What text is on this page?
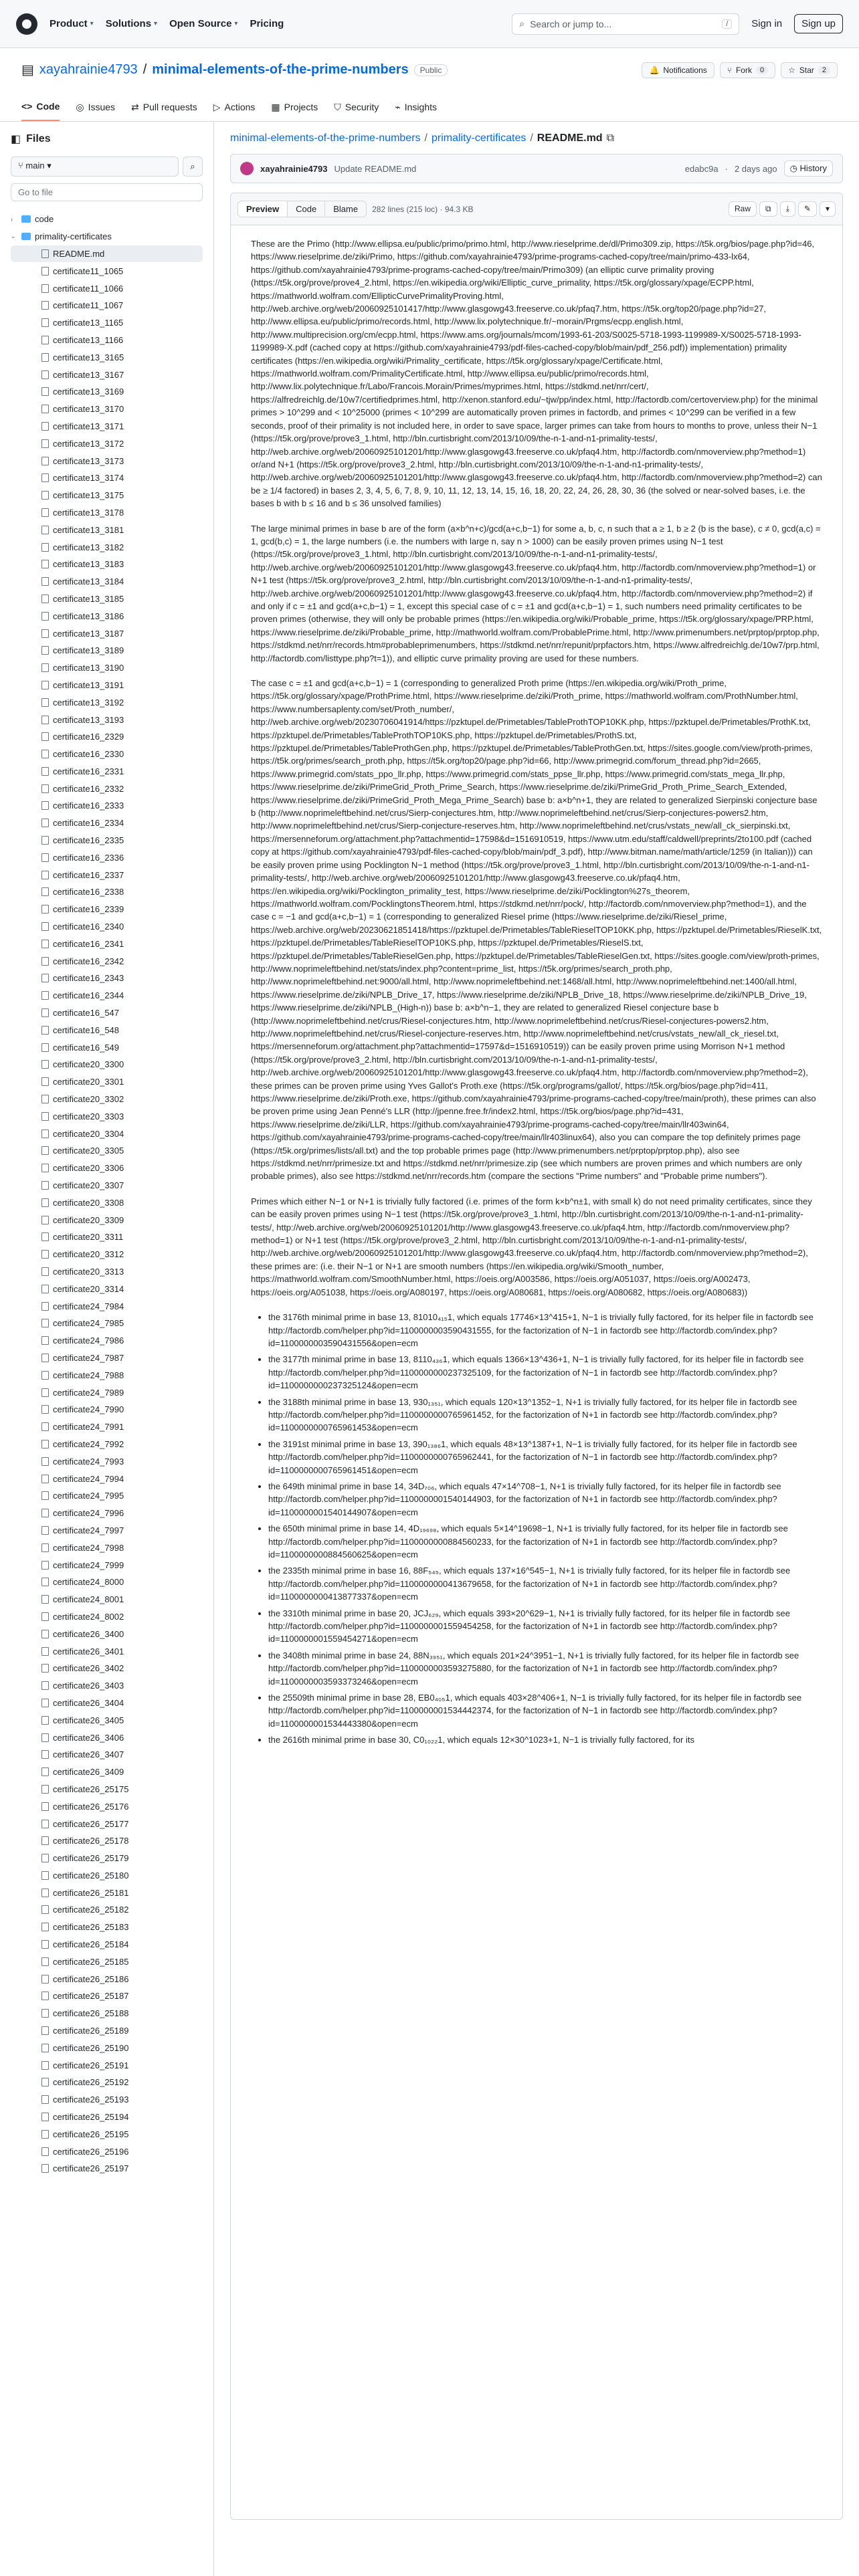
Product ▾ Solutions ▾ Open Source ▾ Pricing	⌕ Search or jump to...	/	Sign in	Sign up
▤ xayahrainie4793 / minimal-elements-of-the-prime-numbers	Public	🔔 Notifications	⑂ Fork	0	☆ Star	2
<> Code ◎ Issues ⇄ Pull requests ▷ Actions ▦ Projects ⛉ Security ⌁ Insights
◧ Files
⑂ main ▾	⌕
Go to file
›	code
⌄ primality-certificates
README.md
certificate11_1065
certificate11_1066
certificate11_1067
certificate13_1165
certificate13_1166
certificate13_3165
certificate13_3167
certificate13_3169
certificate13_3170
certificate13_3171
certificate13_3172
certificate13_3173
certificate13_3174
certificate13_3175
certificate13_3178
certificate13_3181
certificate13_3182
certificate13_3183
certificate13_3184
certificate13_3185
certificate13_3186
certificate13_3187
certificate13_3189
certificate13_3190
certificate13_3191
certificate13_3192
certificate13_3193
certificate16_2329
certificate16_2330
certificate16_2331
certificate16_2332
certificate16_2333
certificate16_2334
certificate16_2335
certificate16_2336
certificate16_2337
certificate16_2338
certificate16_2339
certificate16_2340
certificate16_2341
certificate16_2342
certificate16_2343
certificate16_2344
certificate16_547
certificate16_548
certificate16_549
certificate20_3300
certificate20_3301
certificate20_3302
certificate20_3303
certificate20_3304
certificate20_3305
certificate20_3306
certificate20_3307
certificate20_3308
certificate20_3309
certificate20_3311
certificate20_3312
certificate20_3313
certificate20_3314
certificate24_7984
certificate24_7985
certificate24_7986
certificate24_7987
certificate24_7988
certificate24_7989
certificate24_7990
certificate24_7991
certificate24_7992
certificate24_7993
certificate24_7994
certificate24_7995
certificate24_7996
certificate24_7997
certificate24_7998
certificate24_7999
certificate24_8000
certificate24_8001
certificate24_8002
certificate26_3400
certificate26_3401
certificate26_3402
certificate26_3403
certificate26_3404
certificate26_3405
certificate26_3406
certificate26_3407
certificate26_3409
certificate26_25175
certificate26_25176
certificate26_25177
certificate26_25178
certificate26_25179
certificate26_25180
certificate26_25181
certificate26_25182
certificate26_25183
certificate26_25184
certificate26_25185
certificate26_25186
certificate26_25187
certificate26_25188
certificate26_25189
certificate26_25190
certificate26_25191
certificate26_25192
certificate26_25193
certificate26_25194
certificate26_25195
certificate26_25196
certificate26_25197
minimal-elements-of-the-prime-numbers / primality-certificates / README.md ⧉
xayahrainie4793 Update README.md	edabc9a · 2 days ago	◷ History
Preview	Code	Blame	282 lines (215 loc) · 94.3 KB	Raw	⧉	⤓	✎	▾

These are the Primo (http://www.ellipsa.eu/public/primo/primo.html, http://www.rieselprime.de/dl/Primo309.zip, https://t5k.org/bios/page.php?id=46, https://www.rieselprime.de/ziki/Primo, https://github.com/xayahrainie4793/prime-programs-cached-copy/tree/main/primo-433-lx64, https://github.com/xayahrainie4793/prime-programs-cached-copy/tree/main/Primo309) (an elliptic curve primality proving (https://t5k.org/prove/prove4_2.html, https://en.wikipedia.org/wiki/Elliptic_curve_primality, https://t5k.org/glossary/xpage/ECPP.html, https://mathworld.wolfram.com/EllipticCurvePrimalityProving.html, http://web.archive.org/web/20060925101417/http://www.glasgowg43.freeserve.co.uk/pfaq7.htm, https://t5k.org/top20/page.php?id=27, http://www.ellipsa.eu/public/primo/records.html, http://www.lix.polytechnique.fr/~morain/Prgms/ecpp.english.html, http://www.multiprecision.org/cm/ecpp.html, https://www.ams.org/journals/mcom/1993-61-203/S0025-5718-1993-1199989-X/S0025-5718-1993-1199989-X.pdf (cached copy at https://github.com/xayahrainie4793/pdf-files-cached-copy/blob/main/pdf_256.pdf)) implementation) primality certificates (https://en.wikipedia.org/wiki/Primality_certificate, https://t5k.org/glossary/xpage/Certificate.html, https://mathworld.wolfram.com/PrimalityCertificate.html, http://www.ellipsa.eu/public/primo/records.html, http://www.lix.polytechnique.fr/Labo/Francois.Morain/Primes/myprimes.html, https://stdkmd.net/nrr/cert/, https://alfredreichlg.de/10w7/certifiedprimes.html, http://xenon.stanford.edu/~tjw/pp/index.html, http://factordb.com/certoverview.php) for the minimal primes > 10^299 and < 10^25000 (primes < 10^299 are automatically proven primes in factordb, and primes < 10^299 can be verified in a few seconds, proof of their primality is not included here, in order to save space, larger primes can take from hours to months to prove, unless their N−1 (https://t5k.org/prove/prove3_1.html, http://bln.curtisbright.com/2013/10/09/the-n-1-and-n1-primality-tests/, http://web.archive.org/web/20060925101201/http://www.glasgowg43.freeserve.co.uk/pfaq4.htm, http://factordb.com/nmoverview.php?method=1) or/and N+1 (https://t5k.org/prove/prove3_2.html, http://bln.curtisbright.com/2013/10/09/the-n-1-and-n1-primality-tests/, http://web.archive.org/web/20060925101201/http://www.glasgowg43.freeserve.co.uk/pfaq4.htm, http://factordb.com/nmoverview.php?method=2) can be ≥ 1/4 factored) in bases 2, 3, 4, 5, 6, 7, 8, 9, 10, 11, 12, 13, 14, 15, 16, 18, 20, 22, 24, 26, 28, 30, 36 (the solved or near-solved bases, i.e. the bases b with b ≤ 16 and b ≤ 36 unsolved families)

The large minimal primes in base b are of the form (a×b^n+c)/gcd(a+c,b−1) for some a, b, c, n such that a ≥ 1, b ≥ 2 (b is the base), c ≠ 0, gcd(a,c) = 1, gcd(b,c) = 1, the large numbers (i.e. the numbers with large n, say n > 1000) can be easily proven primes using N−1 test (https://t5k.org/prove/prove3_1.html, http://bln.curtisbright.com/2013/10/09/the-n-1-and-n1-primality-tests/, http://web.archive.org/web/20060925101201/http://www.glasgowg43.freeserve.co.uk/pfaq4.htm, http://factordb.com/nmoverview.php?method=1) or N+1 test (https://t5k.org/prove/prove3_2.html, http://bln.curtisbright.com/2013/10/09/the-n-1-and-n1-primality-tests/, http://web.archive.org/web/20060925101201/http://www.glasgowg43.freeserve.co.uk/pfaq4.htm, http://factordb.com/nmoverview.php?method=2) if and only if c = ±1 and gcd(a+c,b−1) = 1, except this special case of c = ±1 and gcd(a+c,b−1) = 1, such numbers need primality certificates to be proven primes (otherwise, they will only be probable primes (https://en.wikipedia.org/wiki/Probable_prime, https://t5k.org/glossary/xpage/PRP.html, https://www.rieselprime.de/ziki/Probable_prime, http://mathworld.wolfram.com/ProbablePrime.html, http://www.primenumbers.net/prptop/prptop.php, https://stdkmd.net/nrr/records.htm#probableprimenumbers, https://stdkmd.net/nrr/repunit/prpfactors.htm, https://www.alfredreichlg.de/10w7/prp.html, http://factordb.com/listtype.php?t=1)), and elliptic curve primality proving are used for these numbers.

The case c = ±1 and gcd(a+c,b−1) = 1 (corresponding to generalized Proth prime (https://en.wikipedia.org/wiki/Proth_prime, https://t5k.org/glossary/xpage/ProthPrime.html, https://www.rieselprime.de/ziki/Proth_prime, https://mathworld.wolfram.com/ProthNumber.html, https://www.numbersaplenty.com/set/Proth_number/, http://web.archive.org/web/20230706041914/https://pzktupel.de/Primetables/TableProthTOP10KK.php, https://pzktupel.de/Primetables/ProthK.txt, https://pzktupel.de/Primetables/TableProthTOP10KS.php, https://pzktupel.de/Primetables/ProthS.txt, https://pzktupel.de/Primetables/TableProthGen.php, https://pzktupel.de/Primetables/TableProthGen.txt, https://sites.google.com/view/proth-primes, https://t5k.org/primes/search_proth.php, https://t5k.org/top20/page.php?id=66, http://www.primegrid.com/forum_thread.php?id=2665, https://www.primegrid.com/stats_ppo_llr.php, https://www.primegrid.com/stats_ppse_llr.php, https://www.primegrid.com/stats_mega_llr.php, https://www.rieselprime.de/ziki/PrimeGrid_Proth_Prime_Search, https://www.rieselprime.de/ziki/PrimeGrid_Proth_Prime_Search_Extended, https://www.rieselprime.de/ziki/PrimeGrid_Proth_Mega_Prime_Search) base b: a×b^n+1, they are related to generalized Sierpinski conjecture base b (http://www.noprimeleftbehind.net/crus/Sierp-conjectures.htm, http://www.noprimeleftbehind.net/crus/Sierp-conjectures-powers2.htm, http://www.noprimeleftbehind.net/crus/Sierp-conjecture-reserves.htm, http://www.noprimeleftbehind.net/crus/vstats_new/all_ck_sierpinski.txt, https://mersenneforum.org/attachment.php?attachmentid=17598&d=1516910519, https://www.utm.edu/staff/caldwell/preprints/2to100.pdf (cached copy at https://github.com/xayahrainie4793/pdf-files-cached-copy/blob/main/pdf_3.pdf), http://www.bitman.name/math/article/1259 (in Italian))) can be easily proven prime using Pocklington N−1 method (https://t5k.org/prove/prove3_1.html, http://bln.curtisbright.com/2013/10/09/the-n-1-and-n1-primality-tests/, http://web.archive.org/web/20060925101201/http://www.glasgowg43.freeserve.co.uk/pfaq4.htm, https://en.wikipedia.org/wiki/Pocklington_primality_test, https://www.rieselprime.de/ziki/Pocklington%27s_theorem, https://mathworld.wolfram.com/PocklingtonsTheorem.html, https://stdkmd.net/nrr/pock/, http://factordb.com/nmoverview.php?method=1), and the case c = −1 and gcd(a+c,b−1) = 1 (corresponding to generalized Riesel prime (https://www.rieselprime.de/ziki/Riesel_prime, https://web.archive.org/web/20230621851418/https://pzktupel.de/Primetables/TableRieselTOP10KK.php, https://pzktupel.de/Primetables/RieselK.txt, https://pzktupel.de/Primetables/TableRieselTOP10KS.php, https://pzktupel.de/Primetables/RieselS.txt, https://pzktupel.de/Primetables/TableRieselGen.php, https://pzktupel.de/Primetables/TableRieselGen.txt, https://sites.google.com/view/proth-primes, http://www.noprimeleftbehind.net/stats/index.php?content=prime_list, https://t5k.org/primes/search_proth.php, http://www.noprimeleftbehind.net:9000/all.html, http://www.noprimeleftbehind.net:1468/all.html, http://www.noprimeleftbehind.net:1400/all.html, https://www.rieselprime.de/ziki/NPLB_Drive_17, https://www.rieselprime.de/ziki/NPLB_Drive_18, https://www.rieselprime.de/ziki/NPLB_Drive_19, https://www.rieselprime.de/ziki/NPLB_(High-n)) base b: a×b^n−1, they are related to generalized Riesel conjecture base b (http://www.noprimeleftbehind.net/crus/Riesel-conjectures.htm, http://www.noprimeleftbehind.net/crus/Riesel-conjectures-powers2.htm, http://www.noprimeleftbehind.net/crus/Riesel-conjecture-reserves.htm, http://www.noprimeleftbehind.net/crus/vstats_new/all_ck_riesel.txt, https://mersenneforum.org/attachment.php?attachmentid=17597&d=1516910519)) can be easily proven prime using Morrison N+1 method (https://t5k.org/prove/prove3_2.html, http://bln.curtisbright.com/2013/10/09/the-n-1-and-n1-primality-tests/, http://web.archive.org/web/20060925101201/http://www.glasgowg43.freeserve.co.uk/pfaq4.htm, http://factordb.com/nmoverview.php?method=2), these primes can be proven prime using Yves Gallot's Proth.exe (https://t5k.org/programs/gallot/, https://t5k.org/bios/page.php?id=411, https://www.rieselprime.de/ziki/Proth.exe, https://github.com/xayahrainie4793/prime-programs-cached-copy/tree/main/proth), these primes can also be proven prime using Jean Penné's LLR (http://jpenne.free.fr/index2.html, https://t5k.org/bios/page.php?id=431, https://www.rieselprime.de/ziki/LLR, https://github.com/xayahrainie4793/prime-programs-cached-copy/tree/main/llr403win64, https://github.com/xayahrainie4793/prime-programs-cached-copy/tree/main/llr403linux64), also you can compare the top definitely primes page (https://t5k.org/primes/lists/all.txt) and the top probable primes page (http://www.primenumbers.net/prptop/prptop.php), also see https://stdkmd.net/nrr/primesize.txt and https://stdkmd.net/nrr/primesize.zip (see which numbers are proven primes and which numbers are only probable primes), also see https://stdkmd.net/nrr/records.htm (compare the sections "Prime numbers" and "Probable prime numbers").

Primes which either N−1 or N+1 is trivially fully factored (i.e. primes of the form k×b^n±1, with small k) do not need primality certificates, since they can be easily proven primes using N−1 test (https://t5k.org/prove/prove3_1.html, http://bln.curtisbright.com/2013/10/09/the-n-1-and-n1-primality-tests/, http://web.archive.org/web/20060925101201/http://www.glasgowg43.freeserve.co.uk/pfaq4.htm, http://factordb.com/nmoverview.php?method=1) or N+1 test (https://t5k.org/prove/prove3_2.html, http://bln.curtisbright.com/2013/10/09/the-n-1-and-n1-primality-tests/, http://web.archive.org/web/20060925101201/http://www.glasgowg43.freeserve.co.uk/pfaq4.htm, http://factordb.com/nmoverview.php?method=2), these primes are: (i.e. their N−1 or N+1 are smooth numbers (https://en.wikipedia.org/wiki/Smooth_number, https://mathworld.wolfram.com/SmoothNumber.html, https://oeis.org/A003586, https://oeis.org/A051037, https://oeis.org/A002473, https://oeis.org/A051038, https://oeis.org/A080197, https://oeis.org/A080681, https://oeis.org/A080682, https://oeis.org/A080683))

• the 3176th minimal prime in base 13, 81010₄₁₅1, which equals 17746×13^415+1, N−1 is trivially fully factored, for its helper file in factordb see http://factordb.com/helper.php?id=1100000003590431555, for the factorization of N−1 in factordb see http://factordb.com/index.php?id=1100000003590431556&open=ecm
• the 3177th minimal prime in base 13, 8110₄₃₆1, which equals 1366×13^436+1, N−1 is trivially fully factored, for its helper file in factordb see http://factordb.com/helper.php?id=1100000000237325109, for the factorization of N−1 in factordb see http://factordb.com/index.php?id=1100000000237325124&open=ecm
• the 3188th minimal prime in base 13, 930₁₃₅₁, which equals 120×13^1352−1, N+1 is trivially fully factored, for its helper file in factordb see http://factordb.com/helper.php?id=1100000000765961452, for the factorization of N+1 in factordb see http://factordb.com/index.php?id=1100000000765961453&open=ecm
• the 3191st minimal prime in base 13, 390₁₃₈₆1, which equals 48×13^1387+1, N−1 is trivially fully factored, for its helper file in factordb see http://factordb.com/helper.php?id=1100000000765962441, for the factorization of N−1 in factordb see http://factordb.com/index.php?id=1100000000765961451&open=ecm
• the 649th minimal prime in base 14, 34D₇₀₆, which equals 47×14^708−1, N+1 is trivially fully factored, for its helper file in factordb see http://factordb.com/helper.php?id=1100000001540144903, for the factorization of N+1 in factordb see http://factordb.com/index.php?id=1100000001540144907&open=ecm
• the 650th minimal prime in base 14, 4D₁₉₆₉₈, which equals 5×14^19698−1, N+1 is trivially fully factored, for its helper file in factordb see http://factordb.com/helper.php?id=1100000000884560233, for the factorization of N+1 in factordb see http://factordb.com/index.php?id=1100000000884560625&open=ecm
• the 2335th minimal prime in base 16, 88F₅₄₅, which equals 137×16^545−1, N+1 is trivially fully factored, for its helper file in factordb see http://factordb.com/helper.php?id=1100000000413679658, for the factorization of N+1 in factordb see http://factordb.com/index.php?id=1100000000413877337&open=ecm
• the 3310th minimal prime in base 20, JCJ₆₂₉, which equals 393×20^629−1, N+1 is trivially fully factored, for its helper file in factordb see http://factordb.com/helper.php?id=1100000001559454258, for the factorization of N+1 in factordb see http://factordb.com/index.php?id=1100000001559454271&open=ecm
• the 3408th minimal prime in base 24, 88N₃₉₅₁, which equals 201×24^3951−1, N+1 is trivially fully factored, for its helper file in factordb see http://factordb.com/helper.php?id=1100000003593275880, for the factorization of N+1 in factordb see http://factordb.com/index.php?id=1100000003593373246&open=ecm
• the 25509th minimal prime in base 28, EB0₄₀₅1, which equals 403×28^406+1, N−1 is trivially fully factored, for its helper file in factordb see http://factordb.com/helper.php?id=1100000001534442374, for the factorization of N−1 in factordb see http://factordb.com/index.php?id=1100000001534443380&open=ecm
• the 2616th minimal prime in base 30, C0₁₀₂₂1, which equals 12×30^1023+1, N−1 is trivially fully factored, for its
